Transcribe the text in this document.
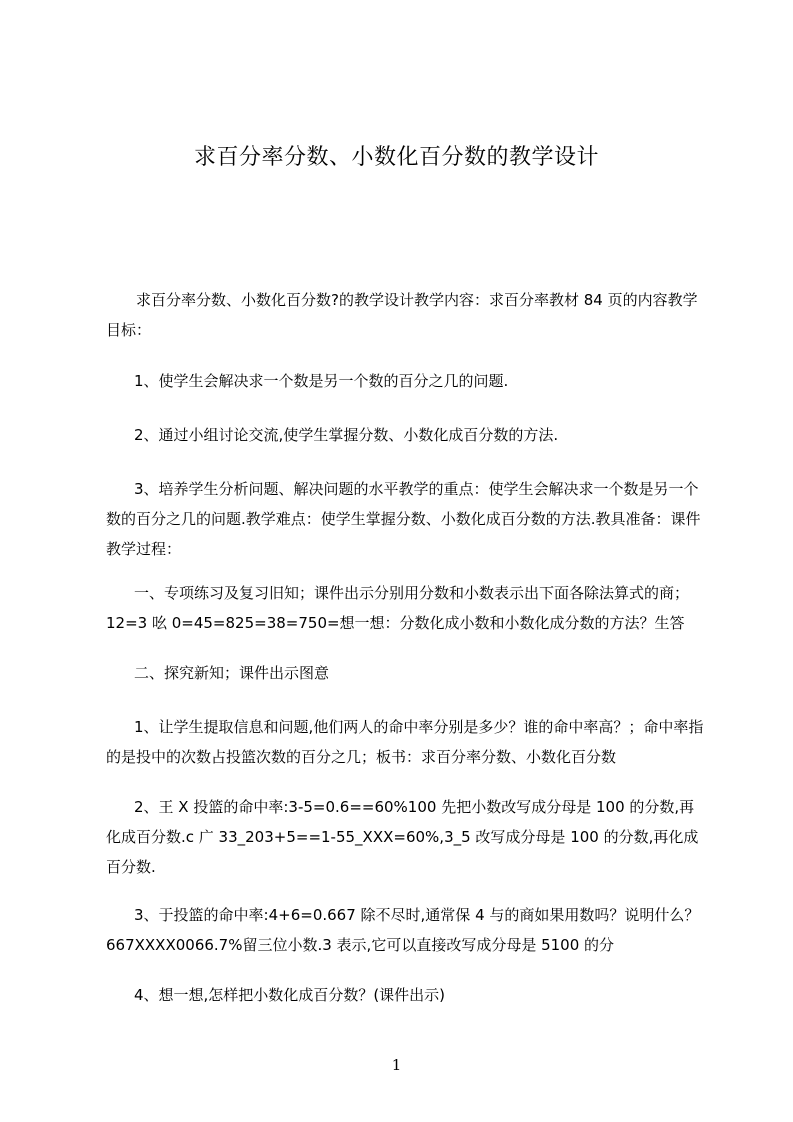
求百分率分数、小数化百分数的教学设计

求百分率分数、小数化百分数?的教学设计教学内容：求百分率教材 84 页的内容教学目标：

1、使学生会解决求一个数是另一个数的百分之几的问题.

2、通过小组讨论交流,使学生掌握分数、小数化成百分数的方法.

3、培养学生分析问题、解决问题的水平教学的重点：使学生会解决求一个数是另一个数的百分之几的问题.教学难点：使学生掌握分数、小数化成百分数的方法.教具准备：课件教学过程：

一、专项练习及复习旧知；课件出示分别用分数和小数表示出下面各除法算式的商；12=3 吆 0=45=825=38=750=想一想：分数化成小数和小数化成分数的方法？生答

二、探究新知；课件出示图意

1、让学生提取信息和问题,他们两人的命中率分别是多少？谁的命中率高？；命中率指的是投中的次数占投篮次数的百分之几；板书：求百分率分数、小数化百分数

2、王 X 投篮的命中率:3-5=0.6==60%100 先把小数改写成分母是 100 的分数,再化成百分数.c 广 33_203+5==1-55_XXX=60%,3_5 改写成分母是 100 的分数,再化成百分数.

3、于投篮的命中率:4+6=0.667 除不尽时,通常保 4 与的商如果用数吗？说明什么？667XXXX0066.7%留三位小数.3 表示,它可以直接改写成分母是 5100 的分

4、想一想,怎样把小数化成百分数？(课件出示)

1
